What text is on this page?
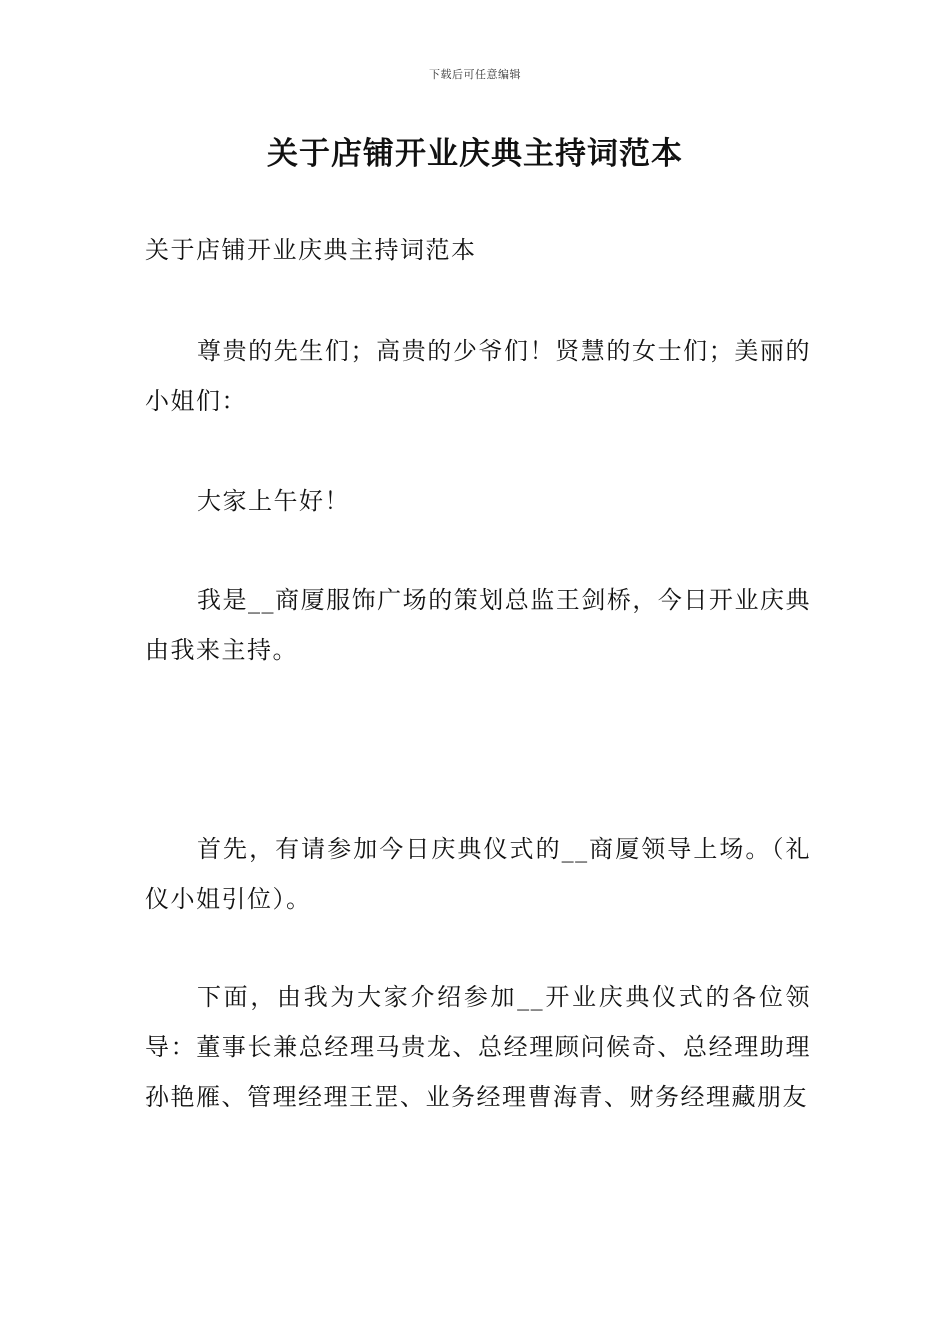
下载后可任意编辑
关于店铺开业庆典主持词范本

关于店铺开业庆典主持词范本

尊贵的先生们；高贵的少爷们！贤慧的女士们；美丽的小姐们：

大家上午好！

我是__商厦服饰广场的策划总监王剑桥，今日开业庆典由我来主持。

首先，有请参加今日庆典仪式的__商厦领导上场。（礼仪小姐引位）。

下面，由我为大家介绍参加__开业庆典仪式的各位领导：董事长兼总经理马贵龙、总经理顾问候奇、总经理助理孙艳雁、管理经理王罡、业务经理曹海青、财务经理藏朋友
